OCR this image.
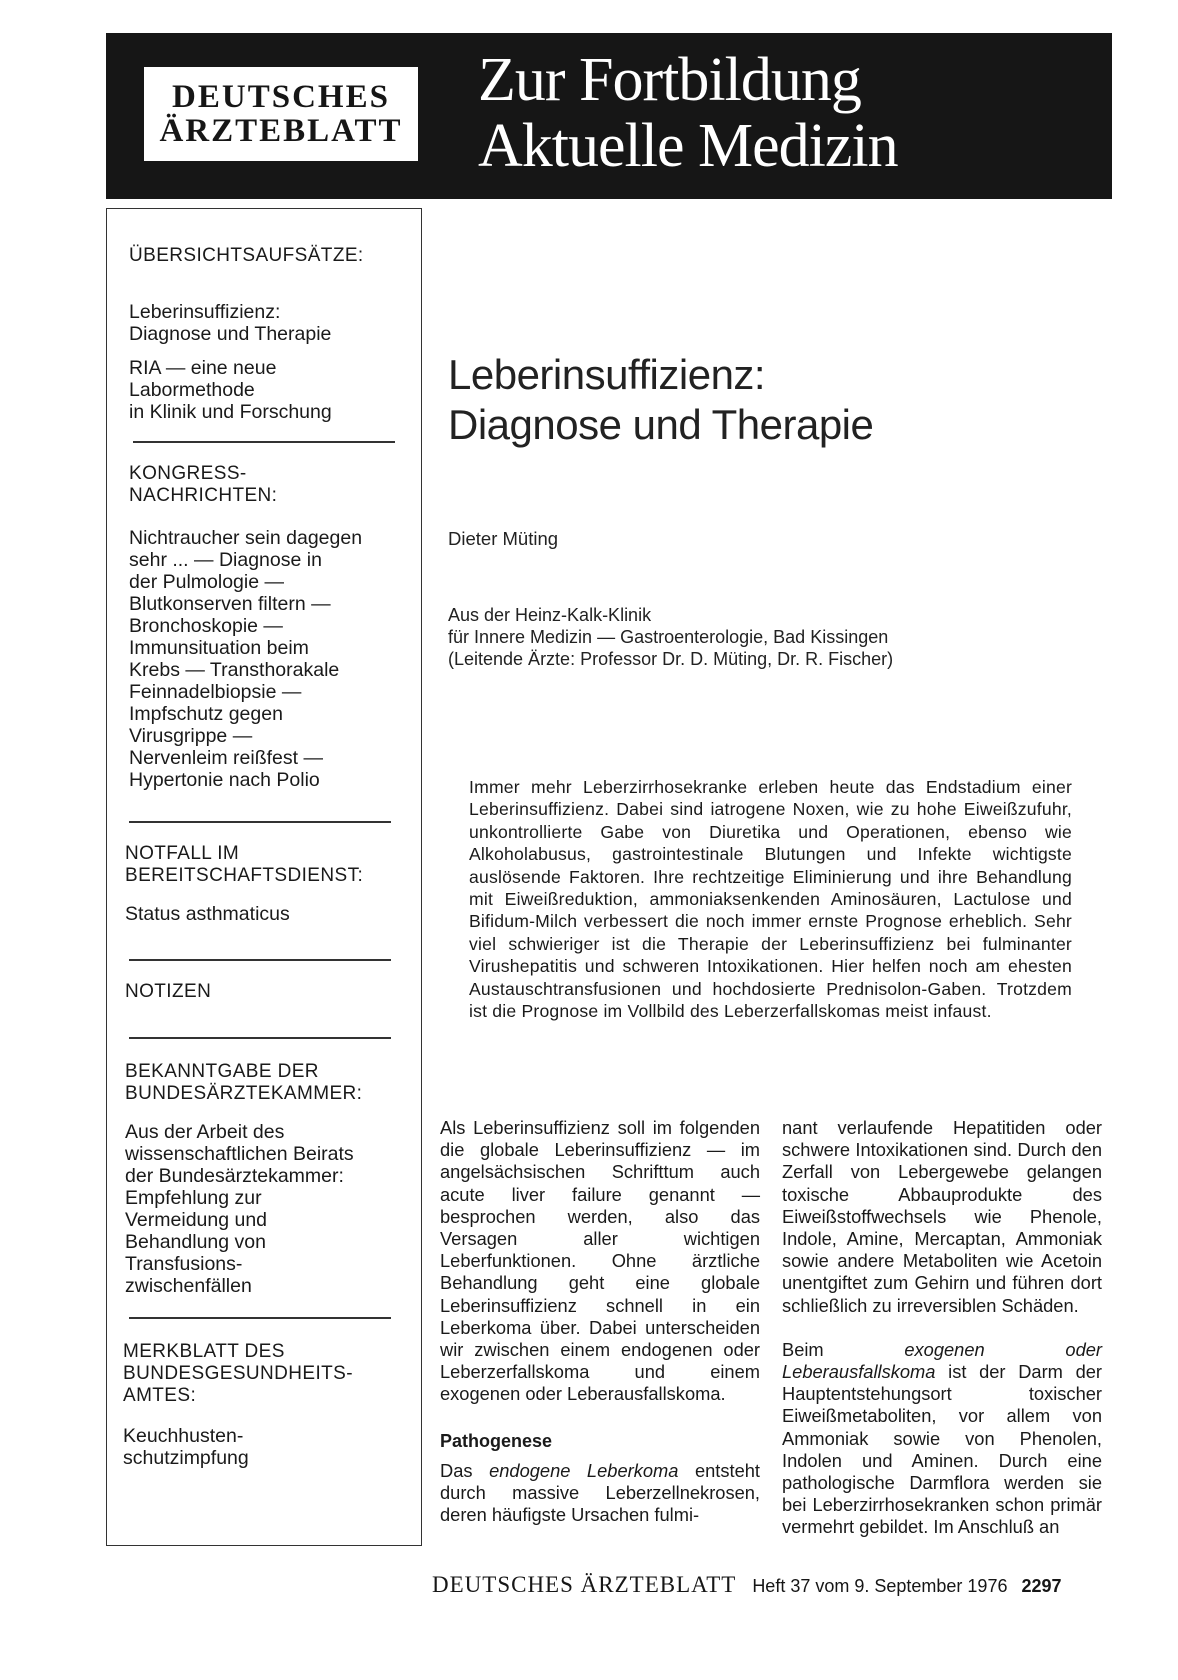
DEUTSCHES
ÄRZTEBLATT
Zur Fortbildung
Aktuelle Medizin
ÜBERSICHTSAUFSÄTZE:
Leberinsuffizienz:
Diagnose und Therapie
RIA — eine neue
Labormethode
in Klinik und Forschung
KONGRESS-
NACHRICHTEN:
Nichtraucher sein dagegen
sehr ... — Diagnose in
der Pulmologie —
Blutkonserven filtern —
Bronchoskopie —
Immunsituation beim
Krebs — Transthorakale
Feinnadelbiopsie —
Impfschutz gegen
Virusgrippe —
Nervenleim reißfest —
Hypertonie nach Polio
NOTFALL IM
BEREITSCHAFTSDIENST:
Status asthmaticus
NOTIZEN
BEKANNTGABE DER
BUNDESÄRZTEKAMMER:
Aus der Arbeit des
wissenschaftlichen Beirats
der Bundesärztekammer:
Empfehlung zur
Vermeidung und
Behandlung von
Transfusions-
zwischenfällen
MERKBLATT DES
BUNDESGESUNDHEITS-
AMTES:
Keuchhusten-
schutzimpfung
Leberinsuffizienz:
Diagnose und Therapie
Dieter Müting
Aus der Heinz-Kalk-Klinik
für Innere Medizin — Gastroenterologie, Bad Kissingen
(Leitende Ärzte: Professor Dr. D. Müting, Dr. R. Fischer)
Immer mehr Leberzirrhosekranke erleben heute das Endstadium einer Leberinsuffizienz. Dabei sind iatrogene Noxen, wie zu hohe Eiweißzufuhr, unkontrollierte Gabe von Diuretika und Operationen, ebenso wie Alkoholabusus, gastrointestinale Blutungen und Infekte wichtigste auslösende Faktoren. Ihre rechtzeitige Eliminierung und ihre Behandlung mit Eiweißreduktion, ammoniaksenkenden Aminosäuren, Lactulose und Bifidum-Milch verbessert die noch immer ernste Prognose erheblich. Sehr viel schwieriger ist die Therapie der Leberinsuffizienz bei fulminanter Virushepatitis und schweren Intoxikationen. Hier helfen noch am ehesten Austauschtransfusionen und hochdosierte Prednisolon-Gaben. Trotzdem ist die Prognose im Vollbild des Leberzerfallskomas meist infaust.

Als Leberinsuffizienz soll im folgenden die globale Leberinsuffizienz — im angelsächsischen Schrifttum auch acute liver failure genannt — besprochen werden, also das Versagen aller wichtigen Leberfunktionen. Ohne ärztliche Behandlung geht eine globale Leberinsuffizienz schnell in ein Leberkoma über. Dabei unterscheiden wir zwischen einem endogenen oder Leberzerfallskoma und einem exogenen oder Leberausfallskoma.

Pathogenese

Das endogene Leberkoma entsteht durch massive Leberzellnekrosen, deren häufigste Ursachen fulmi-

nant verlaufende Hepatitiden oder schwere Intoxikationen sind. Durch den Zerfall von Lebergewebe gelangen toxische Abbauprodukte des Eiweißstoffwechsels wie Phenole, Indole, Amine, Mercaptan, Ammoniak sowie andere Metaboliten wie Acetoin unentgiftet zum Gehirn und führen dort schließlich zu irreversiblen Schäden.

Beim exogenen oder Leberausfallskoma ist der Darm der Hauptentstehungsort toxischer Eiweißmetaboliten, vor allem von Ammoniak sowie von Phenolen, Indolen und Aminen. Durch eine pathologische Darmflora werden sie bei Leberzirrhosekranken schon primär vermehrt gebildet. Im Anschluß an

DEUTSCHES ÄRZTEBLATT Heft 37 vom 9. September 1976 2297
